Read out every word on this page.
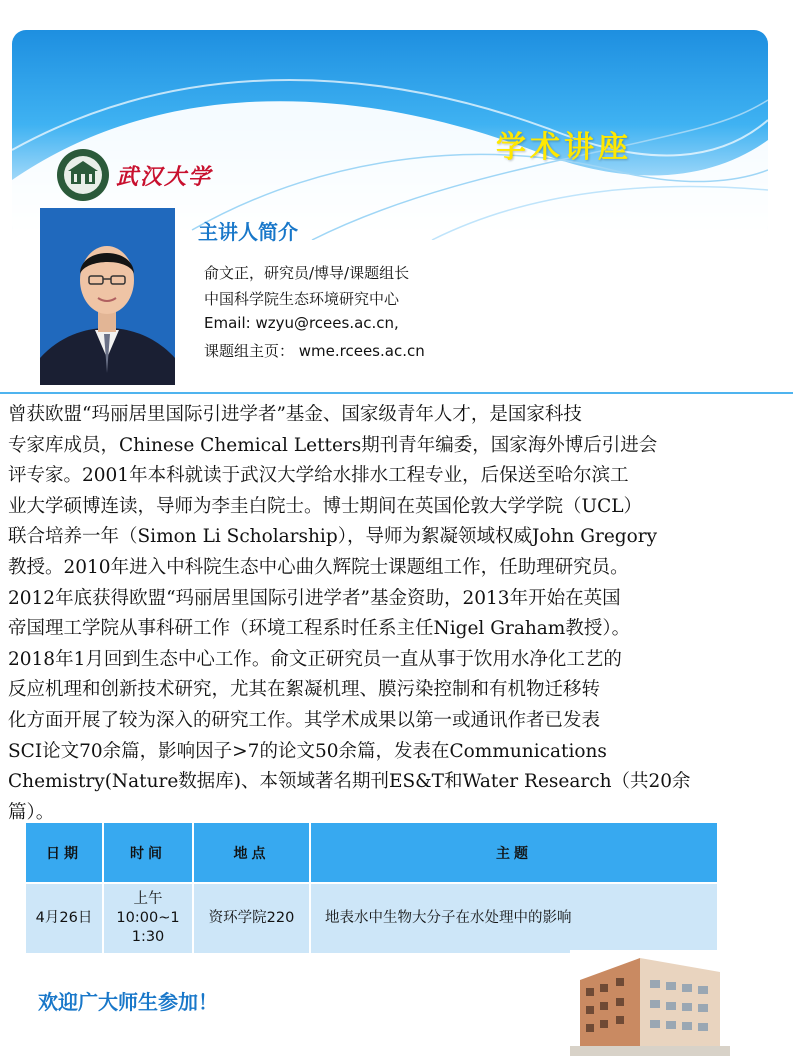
学术讲座
武汉大学
主讲人简介
俞文正，研究员/博导/课题组长
中国科学院生态环境研究中心
Email: wzyu@rcees.ac.cn,
课题组主页： wme.rcees.ac.cn
曾获欧盟“玛丽居里国际引进学者”基金、国家级青年人才，是国家科技
专家库成员，Chinese Chemical Letters期刊青年编委，国家海外博后引进会
评专家。2001年本科就读于武汉大学给水排水工程专业，后保送至哈尔滨工
业大学硕博连读，导师为李圭白院士。博士期间在英国伦敦大学学院（UCL）
联合培养一年（Simon Li Scholarship），导师为絮凝领域权威John Gregory
教授。2010年进入中科院生态中心曲久辉院士课题组工作，任助理研究员。
2012年底获得欧盟“玛丽居里国际引进学者”基金资助，2013年开始在英国
帝国理工学院从事科研工作（环境工程系时任系主任Nigel Graham教授）。
2018年1月回到生态中心工作。俞文正研究员一直从事于饮用水净化工艺的
反应机理和创新技术研究，尤其在絮凝机理、膜污染控制和有机物迁移转
化方面开展了较为深入的研究工作。其学术成果以第一或通讯作者已发表
SCI论文70余篇，影响因子>7的论文50余篇，发表在Communications
Chemistry(Nature数据库)、本领域著名期刊ES&T和Water Research（共20余
篇）。
日期	时间	地点	主题
4月26日	上午
10:00~1
1:30	资环学院220	地表水中生物大分子在水处理中的影响
欢迎广大师生参加！
